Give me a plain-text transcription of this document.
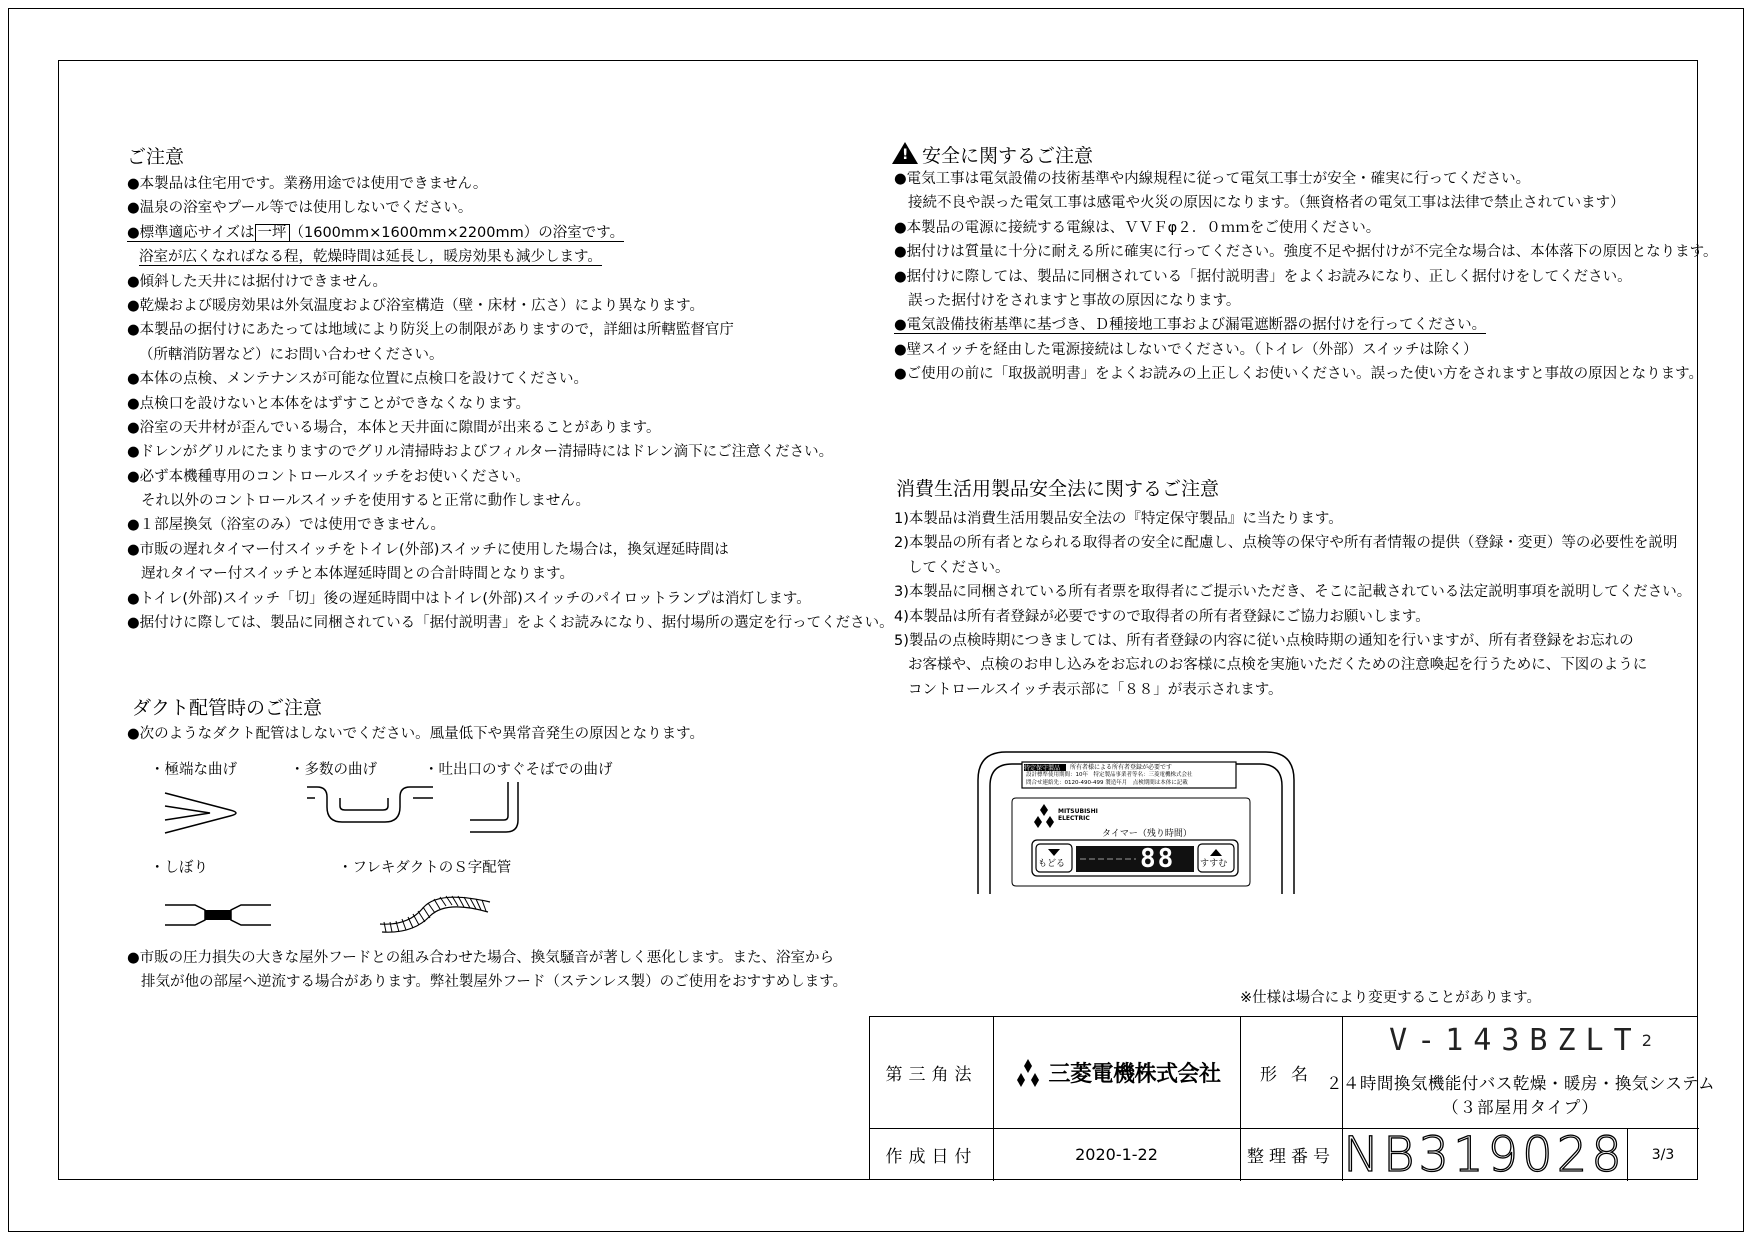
ご注意
●本製品は住宅用です。業務用途では使用できません。
●温泉の浴室やプール等では使用しないでください。
●標準適応サイズは 一坪 （1600mm×1600mm×2200mm）の浴室です。
浴室が広くなればなる程，乾燥時間は延長し，暖房効果も減少します。
●傾斜した天井には据付けできません。
●乾燥および暖房効果は外気温度および浴室構造（壁・床材・広さ）により異なります。
●本製品の据付けにあたっては地域により防災上の制限がありますので，詳細は所轄監督官庁
（所轄消防署など）にお問い合わせください。
●本体の点検、メンテナンスが可能な位置に点検口を設けてください。
●点検口を設けないと本体をはずすことができなくなります。
●浴室の天井材が歪んでいる場合，本体と天井面に隙間が出来ることがあります。
●ドレンがグリルにたまりますのでグリル清掃時およびフィルター清掃時にはドレン滴下にご注意ください。
●必ず本機種専用のコントロールスイッチをお使いください。
それ以外のコントロールスイッチを使用すると正常に動作しません。
●１部屋換気（浴室のみ）では使用できません。
●市販の遅れタイマー付スイッチをトイレ(外部)スイッチに使用した場合は，換気遅延時間は
遅れタイマー付スイッチと本体遅延時間との合計時間となります。
●トイレ(外部)スイッチ「切」後の遅延時間中はトイレ(外部)スイッチのパイロットランプは消灯します。
●据付けに際しては、製品に同梱されている「据付説明書」をよくお読みになり、据付場所の選定を行ってください。
ダクト配管時のご注意
●次のようなダクト配管はしないでください。風量低下や異常音発生の原因となります。
・極端な曲げ	・多数の曲げ	・吐出口のすぐそばでの曲げ
・しぼり	・フレキダクトのＳ字配管
●市販の圧力損失の大きな屋外フードとの組み合わせた場合、換気騒音が著しく悪化します。また、浴室から
排気が他の部屋へ逆流する場合があります。弊社製屋外フード（ステンレス製）のご使用をおすすめします。
!安全に関するご注意
●電気工事は電気設備の技術基準や内線規程に従って電気工事士が安全・確実に行ってください。
接続不良や誤った電気工事は感電や火災の原因になります。（無資格者の電気工事は法律で禁止されています）
●本製品の電源に接続する電線は、ＶＶＦφ２．０ｍｍをご使用ください。
●据付けは質量に十分に耐える所に確実に行ってください。強度不足や据付けが不完全な場合は、本体落下の原因となります。
●据付けに際しては、製品に同梱されている「据付説明書」をよくお読みになり、正しく据付けをしてください。
誤った据付けをされますと事故の原因になります。
●電気設備技術基準に基づき、Ｄ種接地工事および漏電遮断器の据付けを行ってください。
●壁スイッチを経由した電源接続はしないでください。（トイレ（外部）スイッチは除く）
●ご使用の前に「取扱説明書」をよくお読みの上正しくお使いください。誤った使い方をされますと事故の原因となります。
消費生活用製品安全法に関するご注意
1)本製品は消費生活用製品安全法の『特定保守製品』に当たります。
2)本製品の所有者となられる取得者の安全に配慮し、点検等の保守や所有者情報の提供（登録・変更）等の必要性を説明
してください。
3)本製品に同梱されている所有者票を取得者にご提示いただき、そこに記載されている法定説明事項を説明してください。
4)本製品は所有者登録が必要ですので取得者の所有者登録にご協力お願いします。
5)製品の点検時期につきましては、所有者登録の内容に従い点検時期の通知を行いますが、所有者登録をお忘れの
お客様や、点検のお申し込みをお忘れのお客様に点検を実施いただくための注意喚起を行うために、下図のように
コントロールスイッチ表示部に「８８」が表示されます。
特定保守製品 所有者様による所有者登録が必要です
設計標準使用期間：10年　特定製品事業者等名：三菱電機株式会社
問合せ連絡先：0120-490-499 製造年月　点検期間は本体に記載
MITSUBISHI ELECTRIC
タイマー（残り時間）
もどる	すすむ
88
※仕様は場合により変更することがあります。
第三角法	三菱電機株式会社	形名
V-143BZLT 2
２４時間換気機能付バス乾燥・暖房・換気システム
（３部屋用タイプ）
作成日付	2020-1-22	整理番号 NB319028	3/3
